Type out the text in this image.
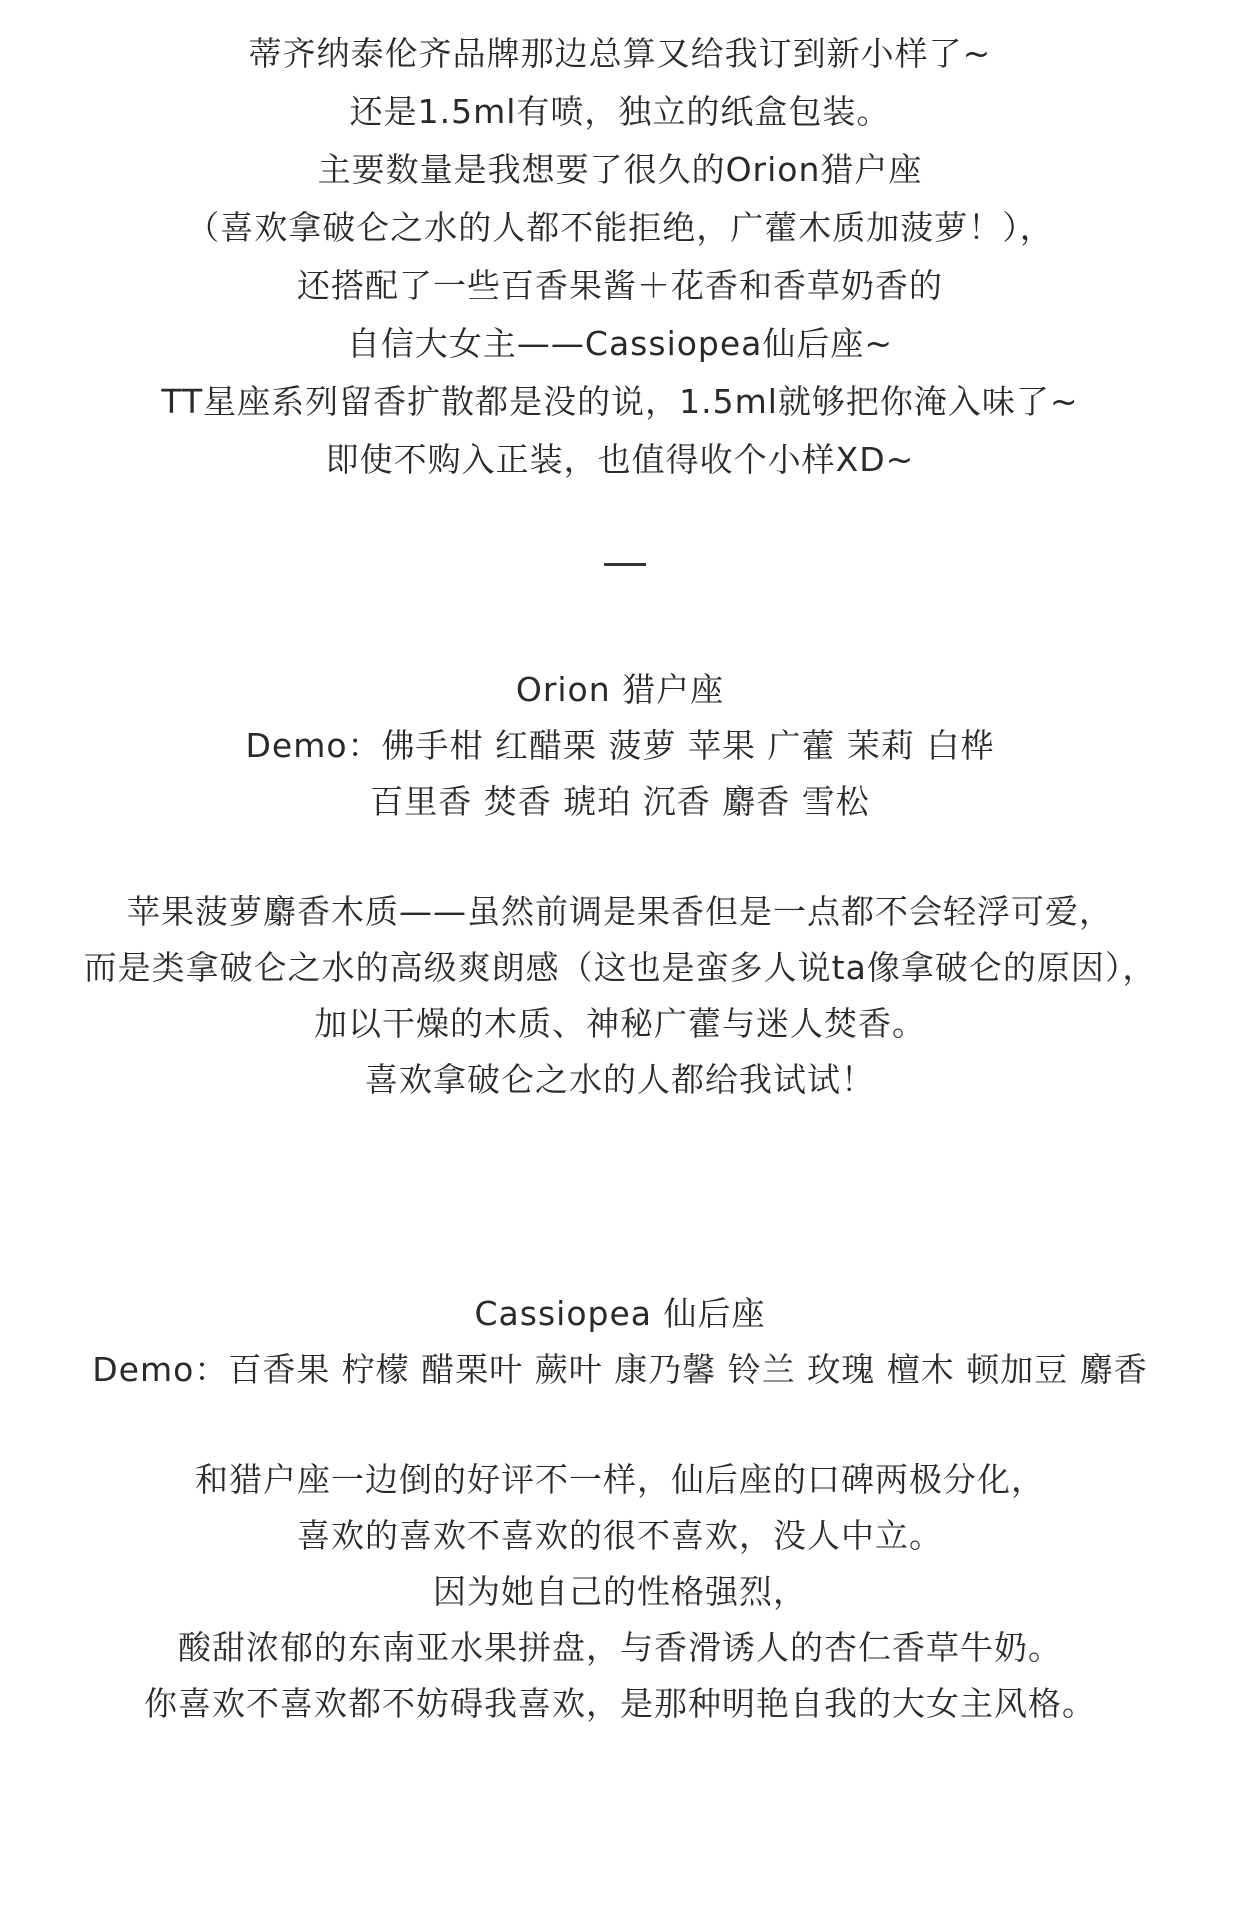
蒂齐纳泰伦齐品牌那边总算又给我订到新小样了~
还是1.5ml有喷，独立的纸盒包装。
主要数量是我想要了很久的Orion猎户座
（喜欢拿破仑之水的人都不能拒绝，广藿木质加菠萝！），
还搭配了一些百香果酱＋花香和香草奶香的
自信大女主——Cassiopea仙后座~
TT星座系列留香扩散都是没的说，1.5ml就够把你淹入味了~
即使不购入正装，也值得收个小样XD~
Orion 猎户座
Demo：佛手柑 红醋栗 菠萝 苹果 广藿 茉莉 白桦
百里香 焚香 琥珀 沉香 麝香 雪松
苹果菠萝麝香木质——虽然前调是果香但是一点都不会轻浮可爱，
而是类拿破仑之水的高级爽朗感（这也是蛮多人说ta像拿破仑的原因），
加以干燥的木质、神秘广藿与迷人焚香。
喜欢拿破仑之水的人都给我试试！
Cassiopea 仙后座
Demo：百香果 柠檬 醋栗叶 蕨叶 康乃馨 铃兰 玫瑰 檀木 顿加豆 麝香
和猎户座一边倒的好评不一样，仙后座的口碑两极分化，
喜欢的喜欢不喜欢的很不喜欢，没人中立。
因为她自己的性格强烈，
酸甜浓郁的东南亚水果拼盘，与香滑诱人的杏仁香草牛奶。
你喜欢不喜欢都不妨碍我喜欢，是那种明艳自我的大女主风格。
